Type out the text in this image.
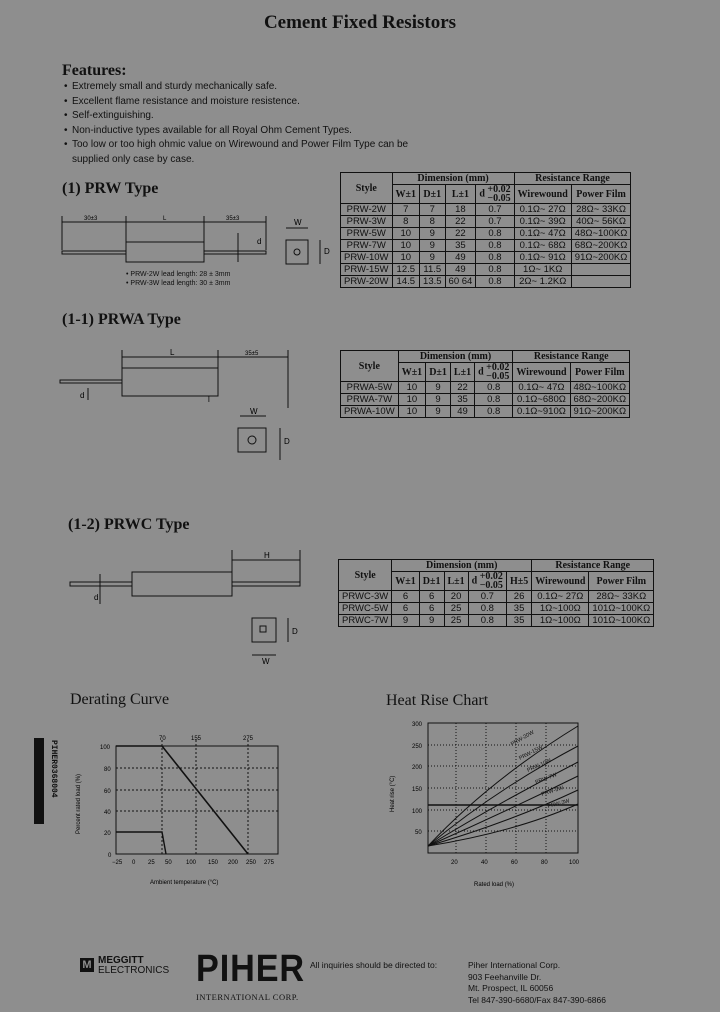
Cement Fixed Resistors
Features:
• Extremely small and sturdy mechanically safe.
• Excellent flame resistance and moisture resistence.
• Self-extinguishing.
• Non-inductive types available for all Royal Ohm Cement Types.
• Too low or too high ohmic value on Wirewound and Power Film Type can be
supplied only case by case.
(1) PRW Type
30±3	L	35±3	W
d
D
• PRW-2W lead length: 28 ± 3mm
• PRW-3W lead length: 30 ± 3mm
Style	Dimension (mm)				Resistance Range	
	W±1	D±1	L±1	d +0.02
−0.05	Wirewound	Power Film
PRW-2W	7	7	18	0.7	0.1Ω~ 27Ω	28Ω~ 33KΩ
PRW-3W	8	8	22	0.7	0.1Ω~ 39Ω	40Ω~ 56KΩ
PRW-5W	10	9	22	0.8	0.1Ω~ 47Ω	48Ω~100KΩ
PRW-7W	10	9	35	0.8	0.1Ω~ 68Ω	68Ω~200KΩ
PRW-10W	10	9	49	0.8	0.1Ω~ 91Ω	91Ω~200KΩ
PRW-15W	12.5	11.5	49	0.8	1Ω~ 1KΩ	
PRW-20W	14.5	13.5	60 64	0.8	2Ω~ 1.2KΩ	
(1-1) PRWA Type
L	35±5
d	l
W
D
Style	Dimension (mm)				Resistance Range	
	W±1	D±1	L±1	d +0.02
−0.05	Wirewound	Power Film
PRWA-5W	10	9	22	0.8	0.1Ω~ 47Ω	48Ω~100KΩ
PRWA-7W	10	9	35	0.8	0.1Ω~680Ω	68Ω~200KΩ
PRWA-10W	10	9	49	0.8	0.1Ω~910Ω	91Ω~200KΩ
(1-2) PRWC Type
H
d
W
D
Style	Dimension (mm)					Resistance Range	
	W±1	D±1	L±1	d +0.02
−0.05	H±5	Wirewound	Power Film
PRWC-3W	6	6	20	0.7	26	0.1Ω~ 27Ω	28Ω~ 33KΩ
PRWC-5W	6	6	25	0.8	35	1Ω~100Ω	101Ω~100KΩ
PRWC-7W	9	9	25	0.8	35	1Ω~100Ω	101Ω~100KΩ
Derating Curve
70	155	275
100
80
60
40
20
0
−25 0 25 50 100 150 200 250 275
Ambient temperature (°C)
Percent rated load (%)
PIHER0368004
Heat Rise Chart
PRW-20W
PRW-15W
PRW-10W
PRW-7W
PRW-5W
PRW-3W
300
250
200
150
100
50
20	40	60	80	100
Rated load (%)
Heat rise (°C)
M MEGGITT
ELECTRONICS PIHER
INTERNATIONAL CORP.
All inquiries should be directed to:	Piher International Corp.
903 Feehanville Dr.
Mt. Prospect, IL 60056
Tel 847-390-6680/Fax 847-390-6866
